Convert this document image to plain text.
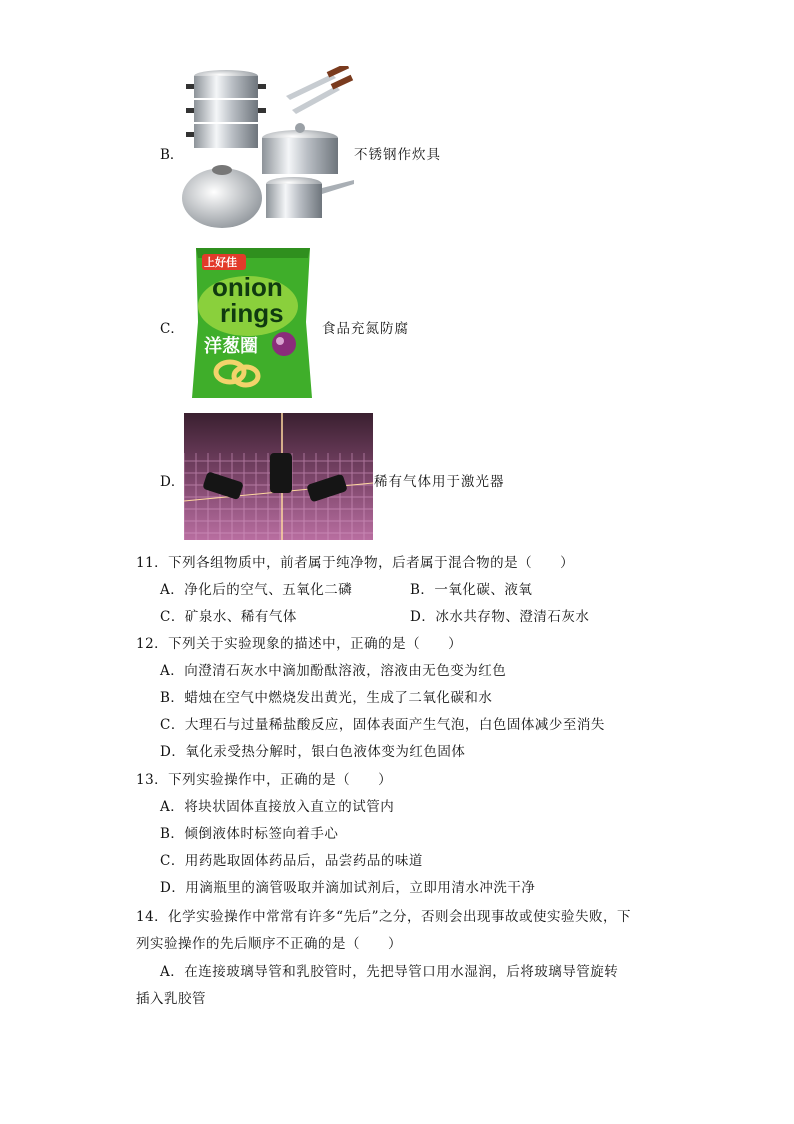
B．	不锈钢作炊具
C．
上好佳
onion
rings
洋葱圈
食品充氮防腐
D．	稀有气体用于激光器
11．下列各组物质中，前者属于纯净物，后者属于混合物的是（　　）
A．净化后的空气、五氧化二磷	B．一氧化碳、液氧
C．矿泉水、稀有气体	D．冰水共存物、澄清石灰水
12．下列关于实验现象的描述中，正确的是（　　）
A．向澄清石灰水中滴加酚酞溶液，溶液由无色变为红色
B．蜡烛在空气中燃烧发出黄光，生成了二氧化碳和水
C．大理石与过量稀盐酸反应，固体表面产生气泡，白色固体减少至消失
D．氧化汞受热分解时，银白色液体变为红色固体
13．下列实验操作中，正确的是（　　）
A．将块状固体直接放入直立的试管内
B．倾倒液体时标签向着手心
C．用药匙取固体药品后，品尝药品的味道
D．用滴瓶里的滴管吸取并滴加试剂后，立即用清水冲洗干净
14．化学实验操作中常常有许多“先后”之分，否则会出现事故或使实验失败，下
列实验操作的先后顺序不正确的是（　　）
A．在连接玻璃导管和乳胶管时，先把导管口用水湿润，后将玻璃导管旋转
插入乳胶管
